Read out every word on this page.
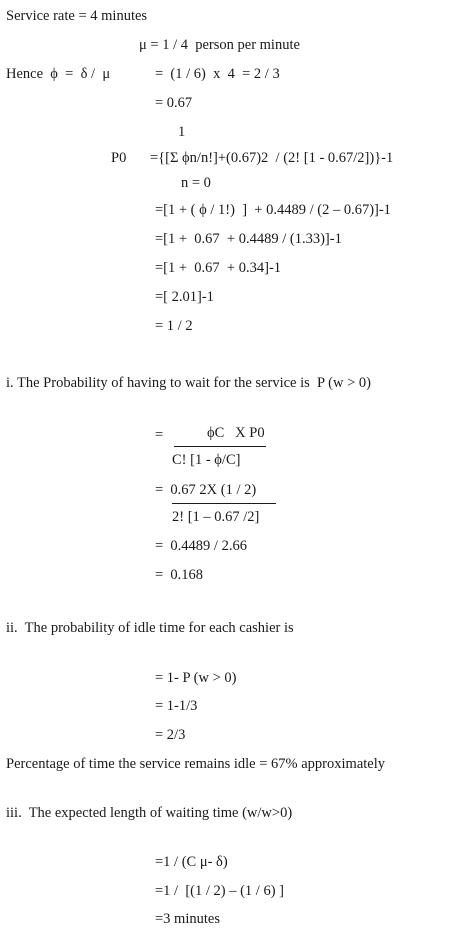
Service rate = 4 minutes
μ = 1 / 4  person per minute
Hence  ϕ  =  δ /  μ	=  (1 / 6)  x  4  = 2 / 3
= 0.67
1
P0 ={[Σ ϕn/n!]+(0.67)2  / (2! [1 - 0.67/2])}-1
n = 0
=[1 + ( ϕ / 1!)  ]  + 0.4489 / (2 – 0.67)]-1
=[1 +  0.67  + 0.4489 / (1.33)]-1
=[1 +  0.67  + 0.34]-1
=[ 2.01]-1
= 1 / 2
i. The Probability of having to wait for the service is  P (w > 0)
=	ϕC   X P0
C! [1 - ϕ/C]
=  0.67 2X (1 / 2)
2! [1 – 0.67 /2]
=  0.4489 / 2.66
=  0.168
ii.  The probability of idle time for each cashier is
= 1- P (w > 0)
= 1-1/3
= 2/3
Percentage of time the service remains idle = 67% approximately
iii.  The expected length of waiting time (w/w>0)
=1 / (C μ- δ)
=1 /  [(1 / 2) – (1 / 6) ]
=3 minutes
